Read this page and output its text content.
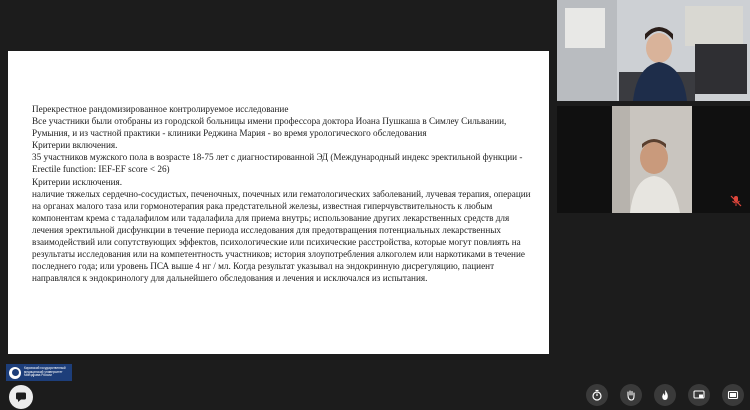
Перекрестное рандомизированное контролируемое исследование

Все участники были отобраны из городской больницы имени профессора доктора Иоана Пушкаша в Симлеу Сильвании, Румыния, и из частной практики - клиники Реджина Мария - во время урологического обследования

Критерии включения.

35 участников мужского пола в возрасте 18-75 лет с диагностированной ЭД (Международный индекс эректильной функции - Erectile function: IEF-EF score < 26)

Критерии исключения.

наличие тяжелых сердечно-сосудистых, печеночных, почечных или гематологических заболеваний, лучевая терапия, операции на органах малого таза или гормонотерапия рака предстательной железы, известная гиперчувствительность к любым компонентам крема с тадалафилом или тадалафила для приема внутрь; использование других лекарственных средств для лечения эректильной дисфункции в течение периода исследования для предотвращения потенциальных лекарственных взаимодействий или сопутствующих эффектов, психологические или психические расстройства, которые могут повлиять на результаты исследования или на компетентность участников; история злоупотребления алкоголем или наркотиками в течение последнего года; или уровень ПСА выше 4 нг / мл. Когда результат указывал на эндокринную дисрегуляцию, пациент направлялся к эндокринологу для дальнейшего обследования и лечения и исключался из испытания.

Кировский государственный медицинский университет Минздрава России
